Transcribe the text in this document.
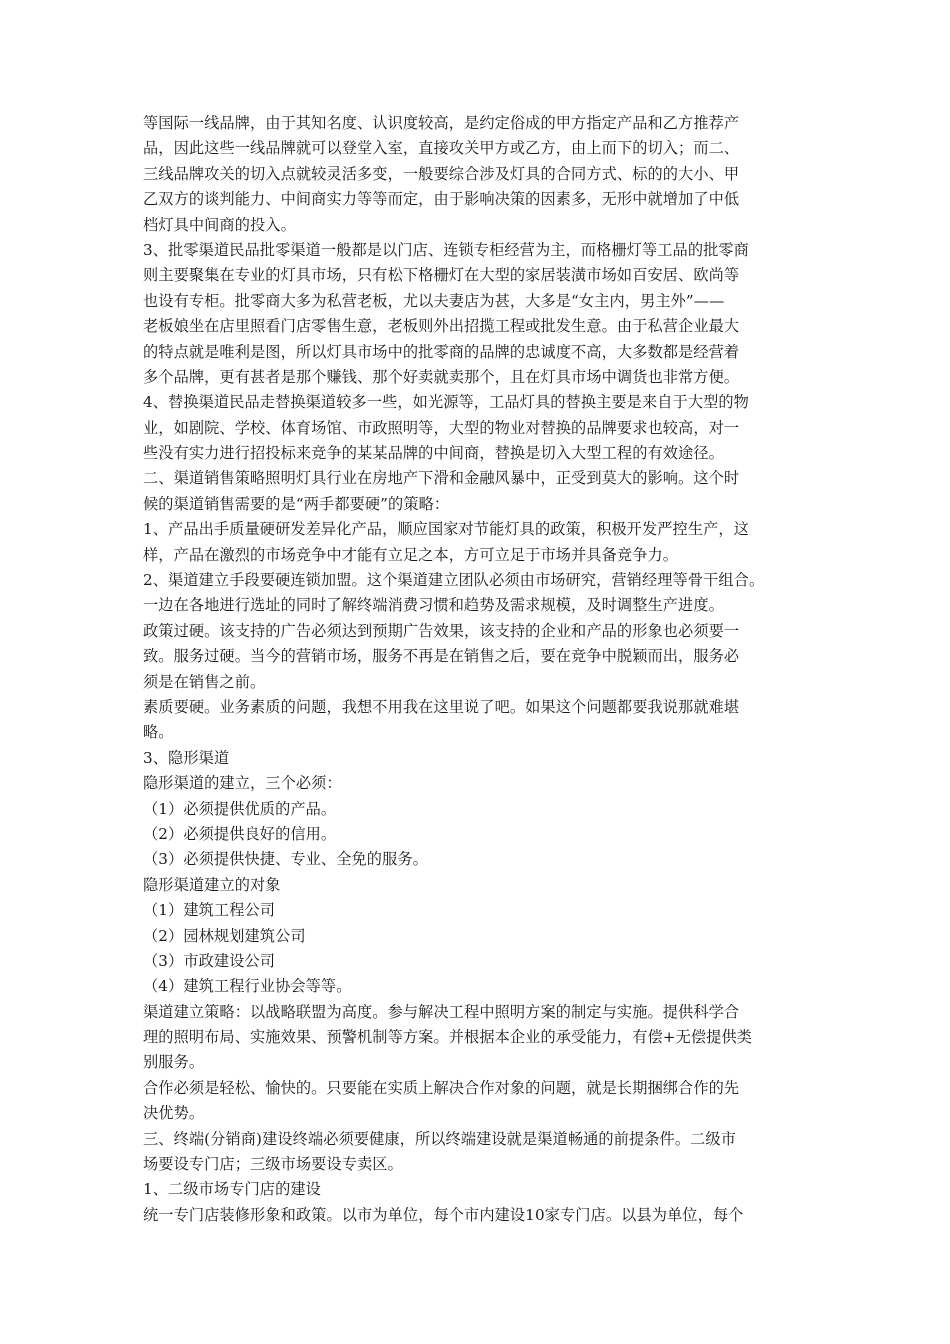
等国际一线品牌，由于其知名度、认识度较高，是约定俗成的甲方指定产品和乙方推荐产
品，因此这些一线品牌就可以登堂入室，直接攻关甲方或乙方，由上而下的切入；而二、
三线品牌攻关的切入点就较灵活多变，一般要综合涉及灯具的合同方式、标的的大小、甲
乙双方的谈判能力、中间商实力等等而定，由于影响决策的因素多，无形中就增加了中低
档灯具中间商的投入。
3、批零渠道民品批零渠道一般都是以门店、连锁专柜经营为主，而格栅灯等工品的批零商
则主要聚集在专业的灯具市场，只有松下格栅灯在大型的家居装潢市场如百安居、欧尚等
也设有专柜。批零商大多为私营老板，尤以夫妻店为甚，大多是“女主内，男主外”——
老板娘坐在店里照看门店零售生意，老板则外出招揽工程或批发生意。由于私营企业最大
的特点就是唯利是图，所以灯具市场中的批零商的品牌的忠诚度不高，大多数都是经营着
多个品牌，更有甚者是那个赚钱、那个好卖就卖那个，且在灯具市场中调货也非常方便。
4、替换渠道民品走替换渠道较多一些，如光源等，工品灯具的替换主要是来自于大型的物
业，如剧院、学校、体育场馆、市政照明等，大型的物业对替换的品牌要求也较高，对一
些没有实力进行招投标来竞争的某某品牌的中间商，替换是切入大型工程的有效途径。
二、渠道销售策略照明灯具行业在房地产下滑和金融风暴中，正受到莫大的影响。这个时
候的渠道销售需要的是“两手都要硬”的策略：
1、产品出手质量硬研发差异化产品，顺应国家对节能灯具的政策，积极开发严控生产，这
样，产品在激烈的市场竞争中才能有立足之本，方可立足于市场并具备竞争力。
2、渠道建立手段要硬连锁加盟。这个渠道建立团队必须由市场研究，营销经理等骨干组合。
一边在各地进行选址的同时了解终端消费习惯和趋势及需求规模，及时调整生产进度。
政策过硬。该支持的广告必须达到预期广告效果，该支持的企业和产品的形象也必须要一
致。服务过硬。当今的营销市场，服务不再是在销售之后，要在竞争中脱颖而出，服务必
须是在销售之前。
素质要硬。业务素质的问题，我想不用我在这里说了吧。如果这个问题都要我说那就难堪
略。
3、隐形渠道
隐形渠道的建立，三个必须：
（1）必须提供优质的产品。
（2）必须提供良好的信用。
（3）必须提供快捷、专业、全免的服务。
隐形渠道建立的对象
（1）建筑工程公司
（2）园林规划建筑公司
（3）市政建设公司
（4）建筑工程行业协会等等。
渠道建立策略：以战略联盟为高度。参与解决工程中照明方案的制定与实施。提供科学合
理的照明布局、实施效果、预警机制等方案。并根据本企业的承受能力，有偿+无偿提供类
别服务。
合作必须是轻松、愉快的。只要能在实质上解决合作对象的问题，就是长期捆绑合作的先
决优势。
三、终端(分销商)建设终端必须要健康，所以终端建设就是渠道畅通的前提条件。二级市
场要设专门店；三级市场要设专卖区。
1、二级市场专门店的建设
统一专门店装修形象和政策。以市为单位，每个市内建设10家专门店。以县为单位，每个
